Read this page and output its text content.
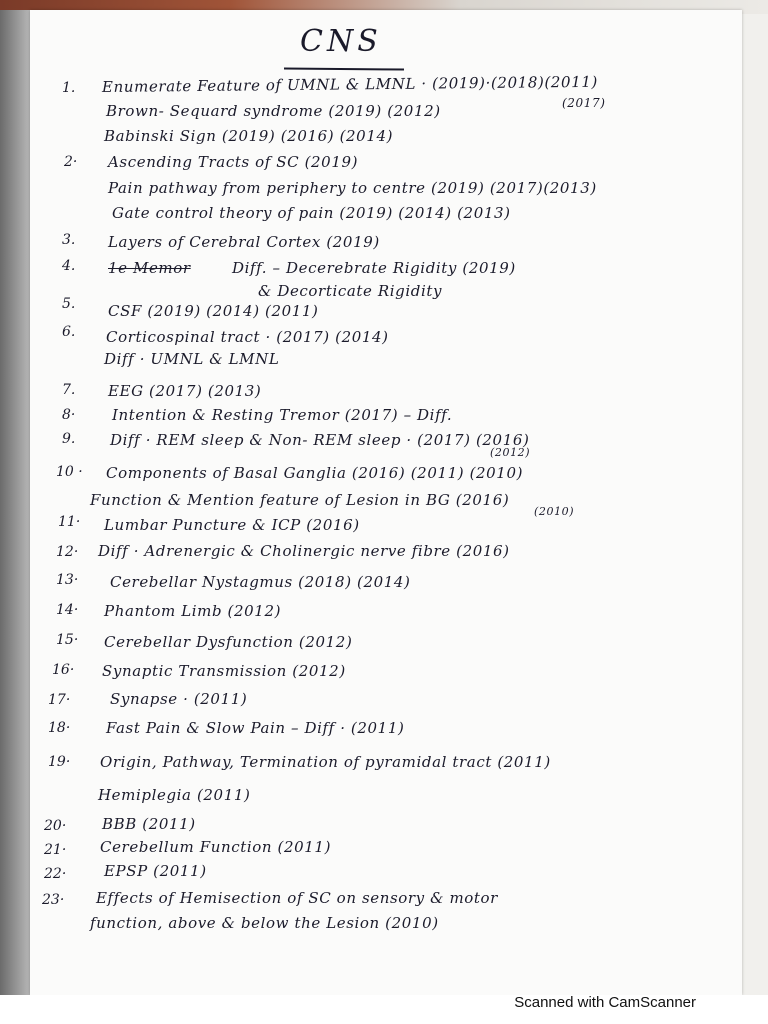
CNS
1. Enumerate Feature of UMNL & LMNL · (2019)·(2018)(2011)
(2017)
Brown- Sequard syndrome (2019) (2012)
Babinski Sign (2019) (2016) (2014)
2· Ascending Tracts of SC (2019)
Pain pathway from periphery to centre (2019) (2017)(2013)
Gate control theory of pain (2019) (2014) (2013)
3. Layers of Cerebral Cortex (2019)
4. 1e Memor	Diff. – Decerebrate Rigidity (2019)
& Decorticate Rigidity
5. CSF (2019) (2014) (2011)
6. Corticospinal tract · (2017) (2014)
Diff · UMNL & LMNL
7. EEG (2017) (2013)
8· Intention & Resting Tremor (2017) – Diff.
9. Diff · REM sleep & Non- REM sleep · (2017) (2016)
(2012)
10 · Components of Basal Ganglia (2016) (2011) (2010)
Function & Mention feature of Lesion in BG (2016)
(2010)
11· Lumbar Puncture & ICP (2016)
12· Diff · Adrenergic & Cholinergic nerve fibre (2016)
13· Cerebellar Nystagmus (2018) (2014)
14· Phantom Limb (2012)
15· Cerebellar Dysfunction (2012)
16· Synaptic Transmission (2012)
17·	Synapse · (2011)
18· Fast Pain & Slow Pain – Diff · (2011)
19· Origin, Pathway, Termination of pyramidal tract (2011)
Hemiplegia (2011)
20· BBB (2011)
21· Cerebellum Function (2011)
22·	EPSP (2011)
23· Effects of Hemisection of SC on sensory & motor
function, above & below the Lesion (2010)
Scanned with CamScanner
